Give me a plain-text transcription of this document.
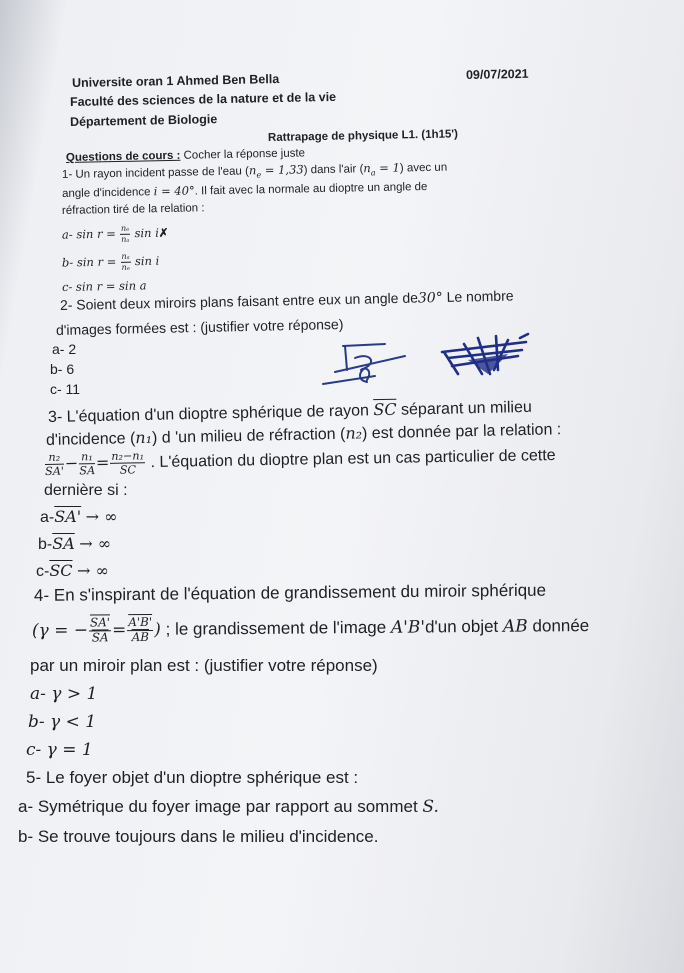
Universite oran 1 Ahmed Ben Bella	09/07/2021
Faculté des sciences de la nature et de la vie
Département de Biologie
Rattrapage de physique L1. (1h15')
Questions de cours : Cocher la réponse juste
1- Un rayon incident passe de l'eau $(n_e = 1,33)$ dans l'air $(n_a = 1)$ avec un
angle d'incidence i = 40°. Il fait avec la normale au dioptre un angle de
réfraction tiré de la relation :
a- $\sin r = \frac{\text{nₑ}}{\text{nₐ}}$ sin i✗
b- $\sin r = \frac{\text{nₐ}}{\text{nₑ}}$ sin i
c- sin r = sin a
2- Soient deux miroirs plans faisant entre eux un angle de30° Le nombre
d'images formées est : (justifier votre réponse)
a- 2
b- 6
c- 11
3- L'équation d'un dioptre sphérique de rayon $\overline{SC}$ séparant un milieu
d'incidence (n₁) d 'un milieu de réfraction (n₂) est donnée par la relation :
$\frac{\text{n₂}}{SA'} - \frac{\text{n₁}}{SA} = \frac{\text{n₂−n₁}}{SC}$ . L'équation du dioptre plan est un cas particulier de cette
dernière si :
a-SA' → ∞
$b-\overline{SA}$ → ∞
$c-\overline{SC}$ → ∞
4- En s'inspirant de l'équation de grandissement du miroir sphérique
(γ = − $\frac{SA'}{SA} = \frac{A'B'}{AB}$ ) ; le grandissement de l'image A'B'd'un objet AB donnée
par un miroir plan est : (justifier votre réponse)
a- γ > 1
b- γ < 1
c- γ = 1
5- Le foyer objet d'un dioptre sphérique est :
a- Symétrique du foyer image par rapport au sommet S.
b- Se trouve toujours dans le milieu d'incidence.
